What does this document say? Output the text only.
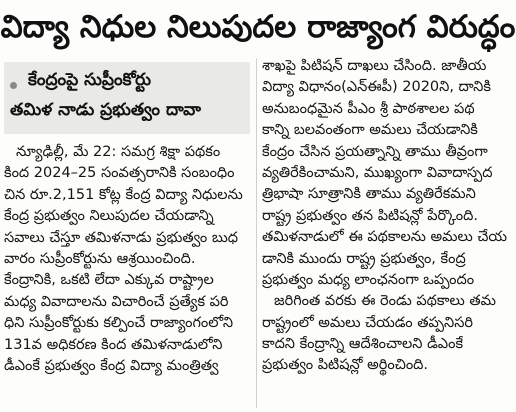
విద్యా నిధుల నిలుపుదల రాజ్యాంగ విరుద్ధం
కేంద్రంపై సుప్రీంకోర్టు
తమిళ నాడు ప్రభుత్వం దావా
న్యూఢిల్లీ, మే 22: సమగ్ర శిక్షా పథకం
కింద 2024–25 సంవత్సరానికి సంబంధిం
చిన రూ.2,151 కోట్ల కేంద్ర విద్యా నిధులను
కేంద్ర ప్రభుత్వం నిలుపుదల చేయడాన్ని
సవాలు చేస్తూ తమిళనాడు ప్రభుత్వం బుధ
వారం సుప్రీంకోర్టును ఆశ్రయించింది.
కేంద్రానికి, ఒకటి లేదా ఎక్కువ రాష్ట్రాల
మధ్య వివాదాలను విచారించే ప్రత్యేక పరి
ధిని సుప్రీంకోర్టుకు కల్పించే రాజ్యాంగంలోని
131వ అధికరణ కింద తమిళనాడులోని
డీఎంకే ప్రభుత్వం కేంద్ర విద్యా మంత్రిత్వ
శాఖపై పిటిషన్ దాఖలు చేసింది. జాతీయ
విద్యా విధానం(ఎన్ఈపీ) 2020ని, దానికి
అనుబంధమైన పీఎం శ్రీ పాఠశాలల పథ
కాన్ని బలవంతంగా అమలు చేయడానికి
కేంద్రం చేసిన ప్రయత్నాన్ని తాము తీవ్రంగా
వ్యతిరేకించామని, ముఖ్యంగా వివాదాస్పద
త్రిభాషా సూత్రానికి తాము వ్యతిరేకమని
రాష్ట్ర ప్రభుత్వం తన పిటిషన్లో పేర్కొంది.
తమిళనాడులో ఈ పథకాలను అమలు చేయ
డానికి ముందు రాష్ట్ర ప్రభుత్వం, కేంద్ర
ప్రభుత్వం మధ్య లాంఛనంగా ఒప్పందం
జరిగింత వరకు ఈ రెండు పథకాలు తమ
రాష్ట్రంలో అమలు చేయడం తప్పనిసరి
కాదని కేంద్రాన్ని ఆదేశించాలని డీఎంకే
ప్రభుత్వం పిటిషన్లో అర్థించింది.
